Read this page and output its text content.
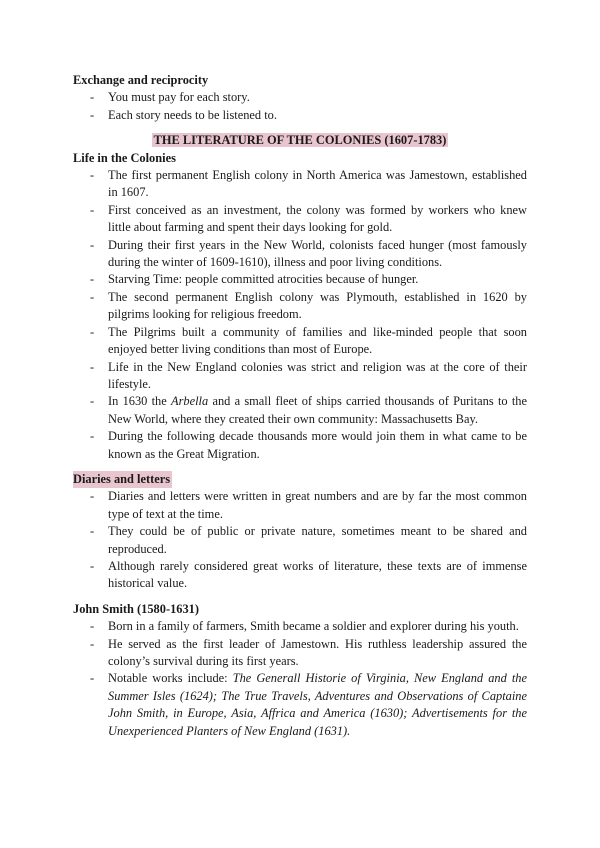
Exchange and reciprocity

- You must pay for each story.
- Each story needs to be listened to.

THE LITERATURE OF THE COLONIES (1607-1783)

Life in the Colonies

- The first permanent English colony in North America was Jamestown, established in 1607.
- First conceived as an investment, the colony was formed by workers who knew little about farming and spent their days looking for gold.
- During their first years in the New World, colonists faced hunger (most famously during the winter of 1609-1610), illness and poor living conditions.
- Starving Time: people committed atrocities because of hunger.
- The second permanent English colony was Plymouth, established in 1620 by pilgrims looking for religious freedom.
- The Pilgrims built a community of families and like-minded people that soon enjoyed better living conditions than most of Europe.
- Life in the New England colonies was strict and religion was at the core of their lifestyle.
- In 1630 the Arbella and a small fleet of ships carried thousands of Puritans to the New World, where they created their own community: Massachusetts Bay.
- During the following decade thousands more would join them in what came to be known as the Great Migration.

Diaries and letters

- Diaries and letters were written in great numbers and are by far the most common type of text at the time.
- They could be of public or private nature, sometimes meant to be shared and reproduced.
- Although rarely considered great works of literature, these texts are of immense historical value.

John Smith (1580-1631)

- Born in a family of farmers, Smith became a soldier and explorer during his youth.
- He served as the first leader of Jamestown. His ruthless leadership assured the colony’s survival during its first years.
- Notable works include: The Generall Historie of Virginia, New England and the Summer Isles (1624); The True Travels, Adventures and Observations of Captaine John Smith, in Europe, Asia, Affrica and America (1630); Advertisements for the Unexperienced Planters of New England (1631).
